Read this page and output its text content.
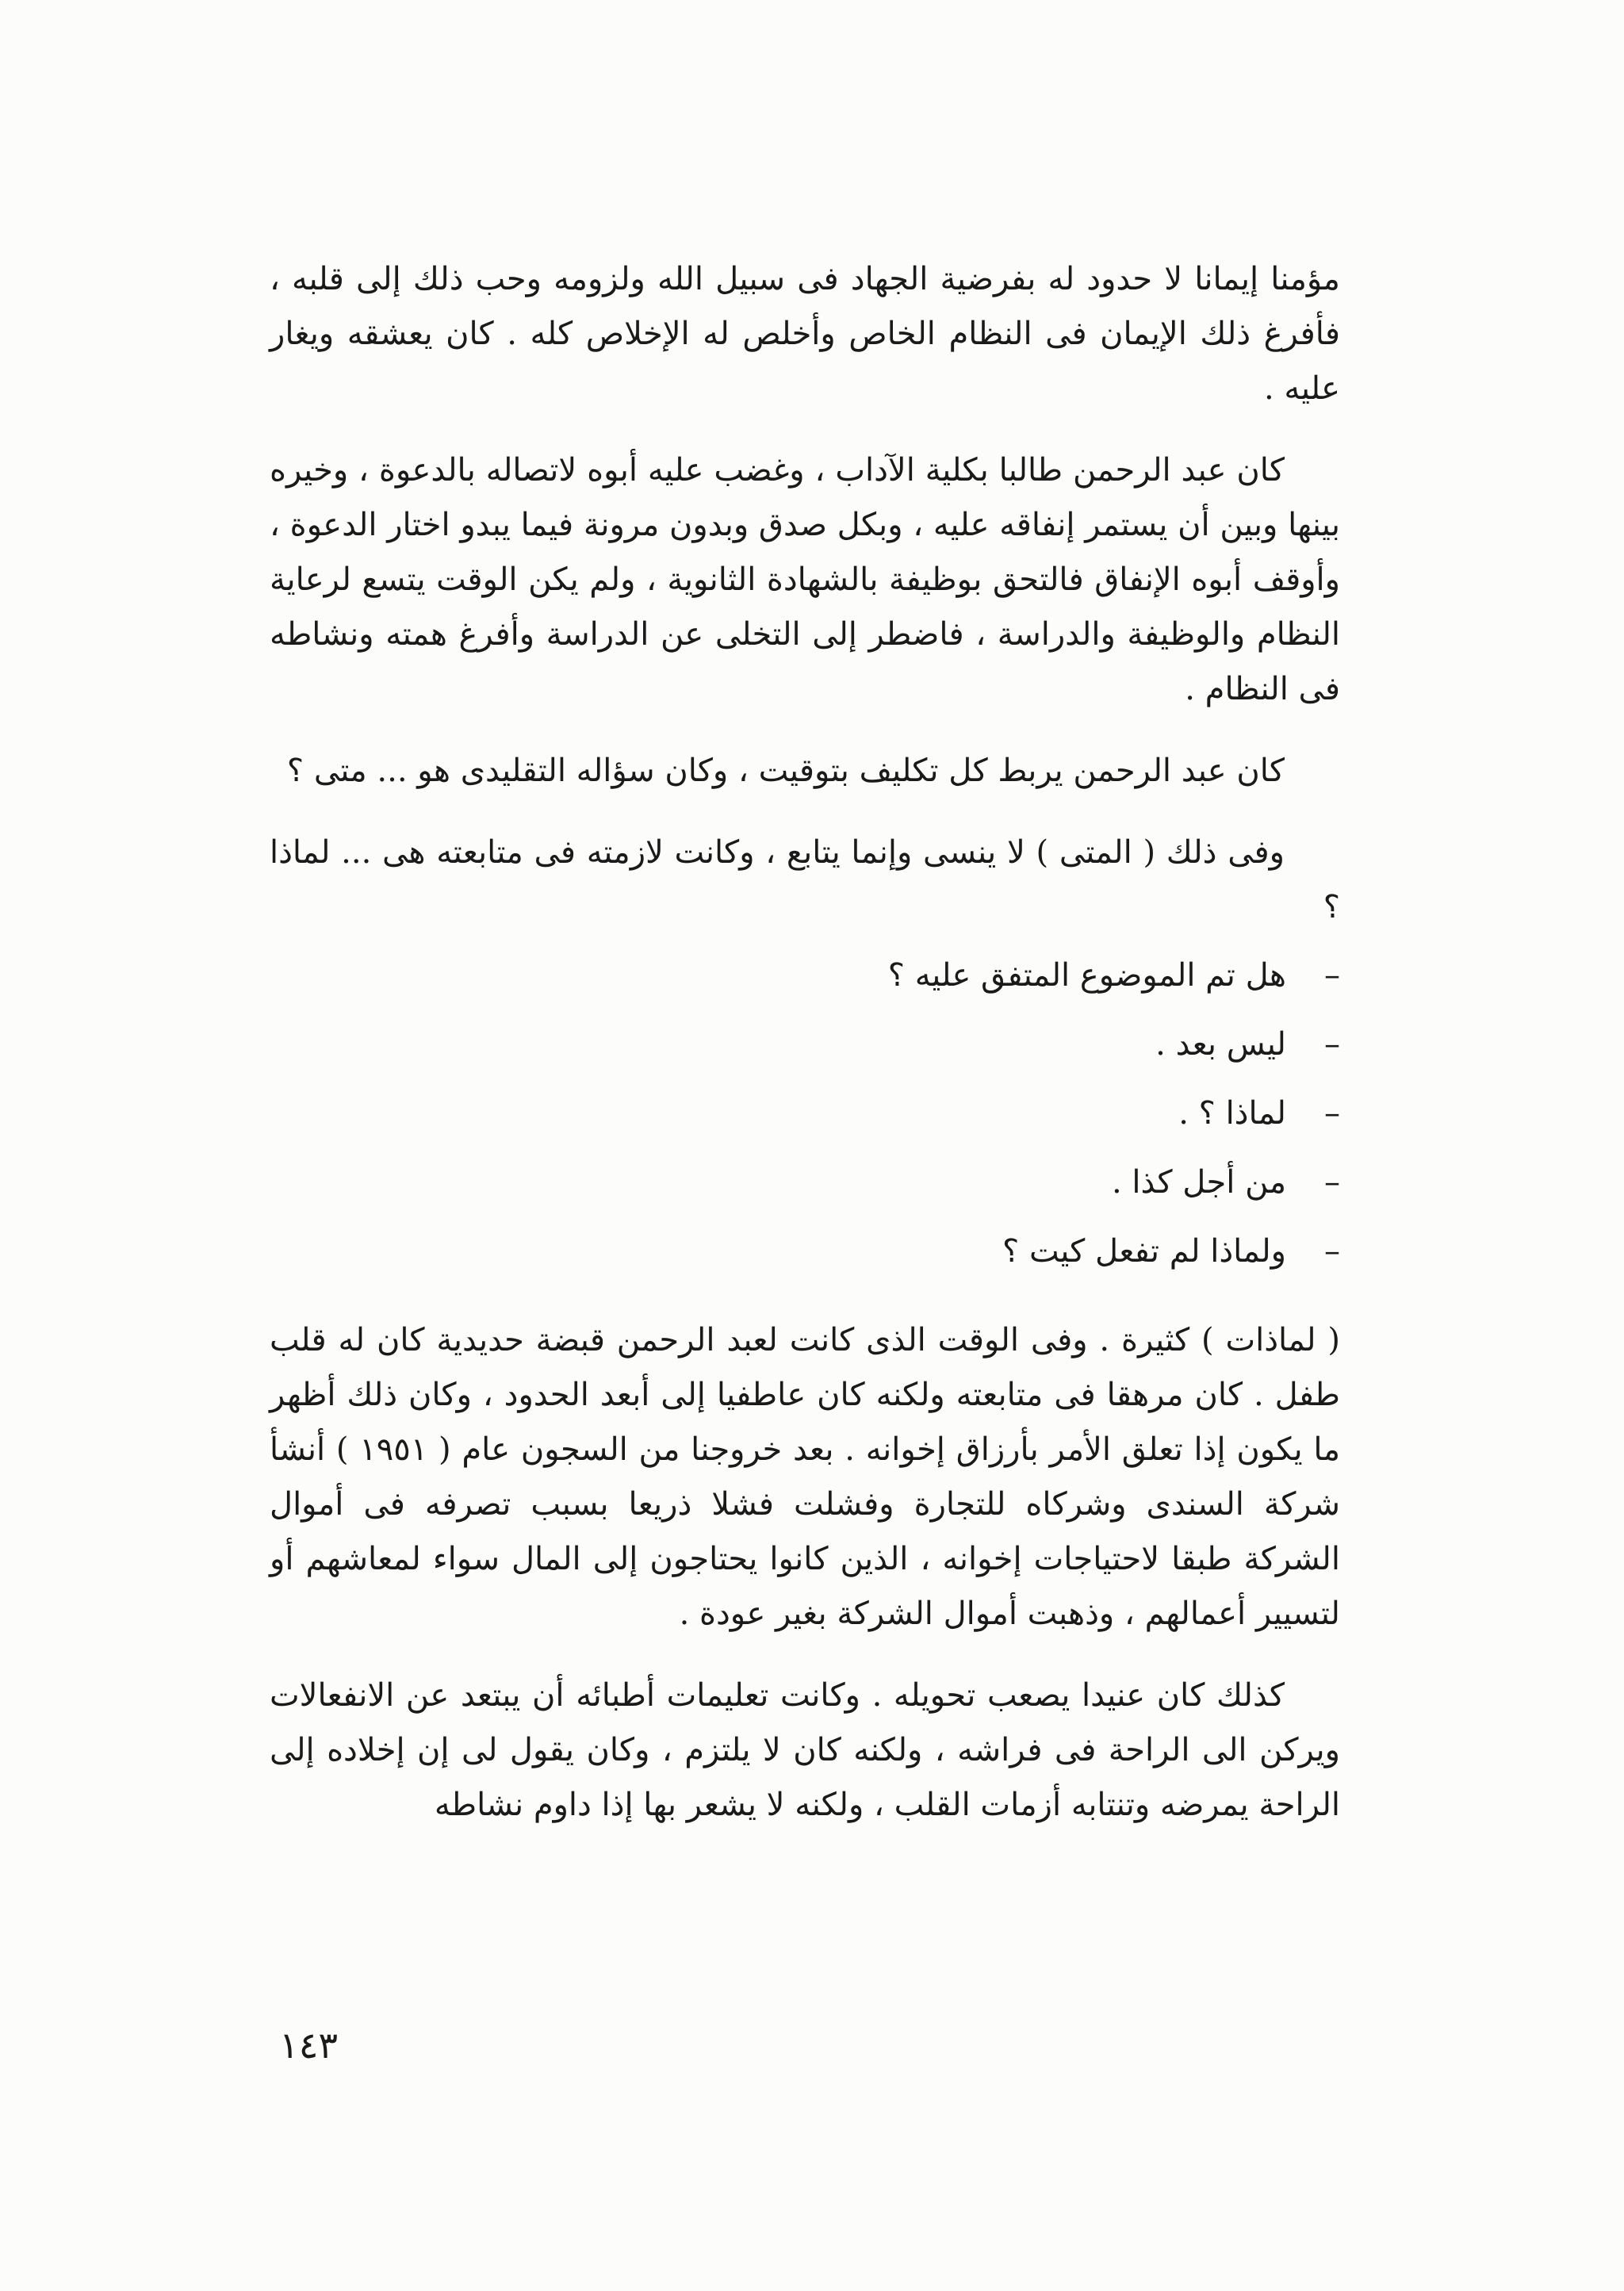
مؤمنا إيمانا لا حدود له بفرضية الجهاد فى سبيل الله ولزومه وحب ذلك إلى قلبه ، فأفرغ ذلك الإيمان فى النظام الخاص وأخلص له الإخلاص كله . كان يعشقه ويغار عليه .

كان عبد الرحمن طالبا بكلية الآداب ، وغضب عليه أبوه لاتصاله بالدعوة ، وخيره بينها وبين أن يستمر إنفاقه عليه ، وبكل صدق وبدون مرونة فيما يبدو اختار الدعوة ، وأوقف أبوه الإنفاق فالتحق بوظيفة بالشهادة الثانوية ، ولم يكن الوقت يتسع لرعاية النظام والوظيفة والدراسة ، فاضطر إلى التخلى عن الدراسة وأفرغ همته ونشاطه فى النظام .

كان عبد الرحمن يربط كل تكليف بتوقيت ، وكان سؤاله التقليدى هو ... متى ؟

وفى ذلك ( المتى ) لا ينسى وإنما يتابع ، وكانت لازمته فى متابعته هى ... لماذا ؟

–
هل تم الموضوع المتفق عليه ؟
–
ليس بعد .
–
لماذا ؟ .
–
من أجل كذا .
–
ولماذا لم تفعل كيت ؟

( لماذات ) كثيرة . وفى الوقت الذى كانت لعبد الرحمن قبضة حديدية كان له قلب طفل . كان مرهقا فى متابعته ولكنه كان عاطفيا إلى أبعد الحدود ، وكان ذلك أظهر ما يكون إذا تعلق الأمر بأرزاق إخوانه . بعد خروجنا من السجون عام ( ١٩٥١ ) أنشأ شركة السندى وشركاه للتجارة وفشلت فشلا ذريعا بسبب تصرفه فى أموال الشركة طبقا لاحتياجات إخوانه ، الذين كانوا يحتاجون إلى المال سواء لمعاشهم أو لتسيير أعمالهم ، وذهبت أموال الشركة بغير عودة .

كذلك كان عنيدا يصعب تحويله . وكانت تعليمات أطبائه أن يبتعد عن الانفعالات ويركن الى الراحة فى فراشه ، ولكنه كان لا يلتزم ، وكان يقول لى إن إخلاده إلى الراحة يمرضه وتنتابه أزمات القلب ، ولكنه لا يشعر بها إذا داوم نشاطه

١٤٣
